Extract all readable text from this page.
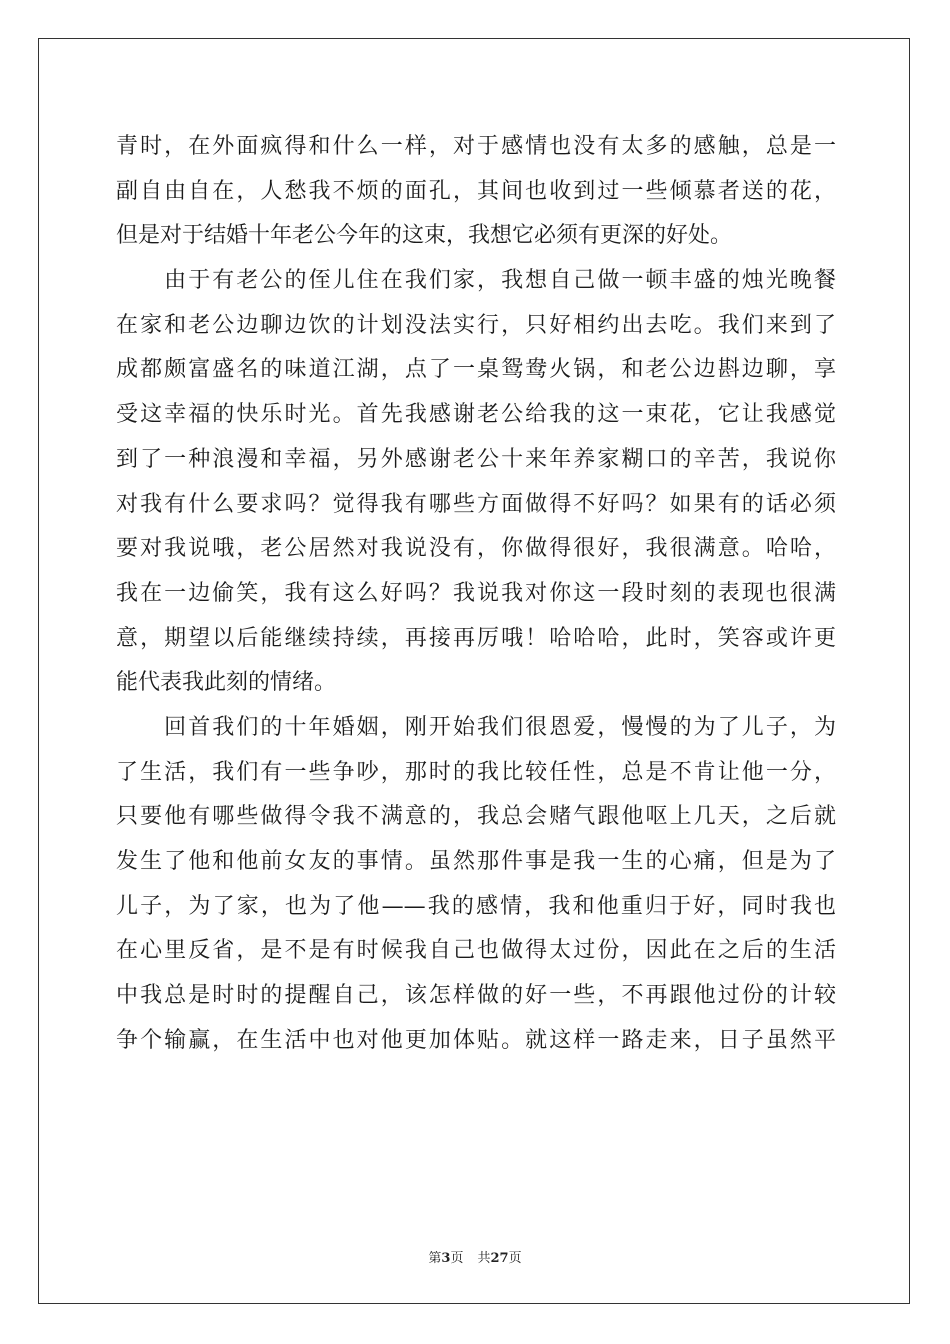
青时，在外面疯得和什么一样，对于感情也没有太多的感触，总是一
副自由自在，人愁我不烦的面孔，其间也收到过一些倾慕者送的花，
但是对于结婚十年老公今年的这束，我想它必须有更深的好处。
　　由于有老公的侄儿住在我们家，我想自己做一顿丰盛的烛光晚餐
在家和老公边聊边饮的计划没法实行，只好相约出去吃。我们来到了
成都颇富盛名的味道江湖，点了一桌鸳鸯火锅，和老公边斟边聊，享
受这幸福的快乐时光。首先我感谢老公给我的这一束花，它让我感觉
到了一种浪漫和幸福，另外感谢老公十来年养家糊口的辛苦，我说你
对我有什么要求吗？觉得我有哪些方面做得不好吗？如果有的话必须
要对我说哦，老公居然对我说没有，你做得很好，我很满意。哈哈，
我在一边偷笑，我有这么好吗？我说我对你这一段时刻的表现也很满
意，期望以后能继续持续，再接再厉哦！哈哈哈，此时，笑容或许更
能代表我此刻的情绪。
　　回首我们的十年婚姻，刚开始我们很恩爱，慢慢的为了儿子，为
了生活，我们有一些争吵，那时的我比较任性，总是不肯让他一分，
只要他有哪些做得令我不满意的，我总会赌气跟他呕上几天，之后就
发生了他和他前女友的事情。虽然那件事是我一生的心痛，但是为了
儿子，为了家，也为了他——我的感情，我和他重归于好，同时我也
在心里反省，是不是有时候我自己也做得太过份，因此在之后的生活
中我总是时时的提醒自己，该怎样做的好一些，不再跟他过份的计较
争个输赢，在生活中也对他更加体贴。就这样一路走来，日子虽然平
第3页 共27页
